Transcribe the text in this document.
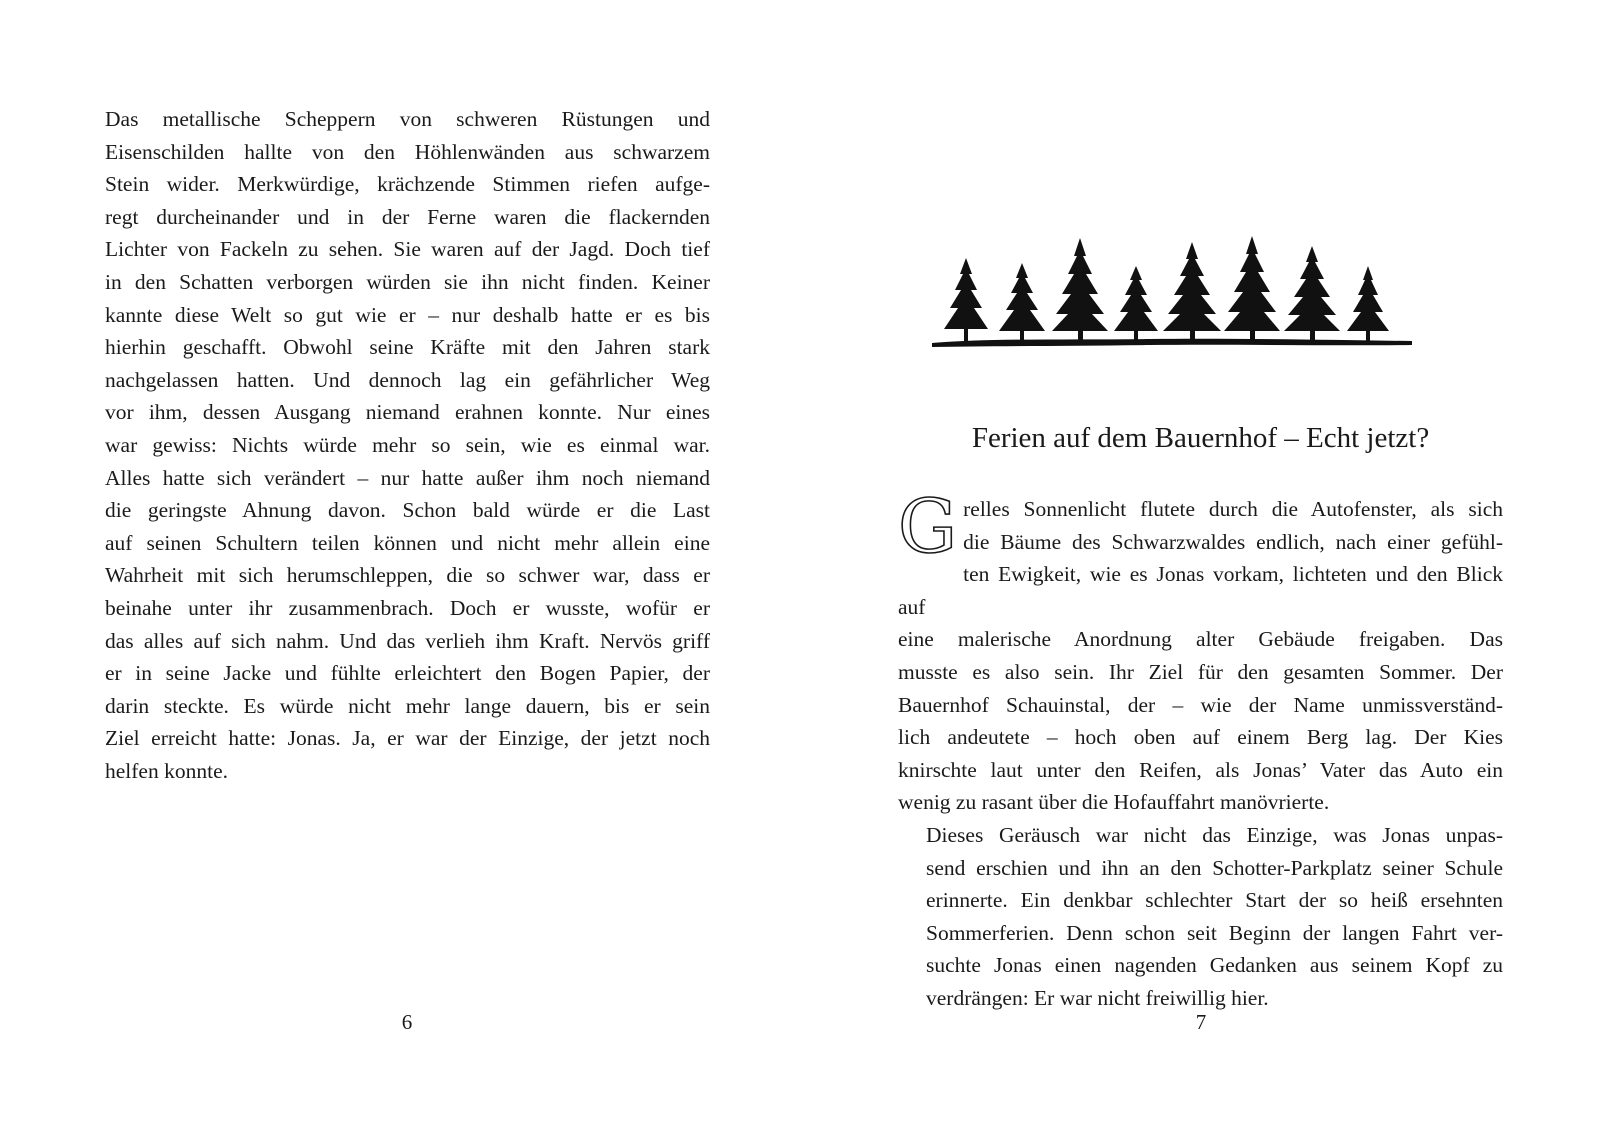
Das metallische Scheppern von schweren Rüstungen und
Eisenschilden hallte von den Höhlenwänden aus schwarzem
Stein wider. Merkwürdige, krächzende Stimmen riefen aufge-
regt durcheinander und in der Ferne waren die flackernden
Lichter von Fackeln zu sehen. Sie waren auf der Jagd. Doch tief
in den Schatten verborgen würden sie ihn nicht finden. Keiner
kannte diese Welt so gut wie er – nur deshalb hatte er es bis
hierhin geschafft. Obwohl seine Kräfte mit den Jahren stark
nachgelassen hatten. Und dennoch lag ein gefährlicher Weg
vor ihm, dessen Ausgang niemand erahnen konnte. Nur eines
war gewiss: Nichts würde mehr so sein, wie es einmal war.
Alles hatte sich verändert – nur hatte außer ihm noch niemand
die geringste Ahnung davon. Schon bald würde er die Last
auf seinen Schultern teilen können und nicht mehr allein eine
Wahrheit mit sich herumschleppen, die so schwer war, dass er
beinahe unter ihr zusammenbrach. Doch er wusste, wofür er
das alles auf sich nahm. Und das verlieh ihm Kraft. Nervös griff
er in seine Jacke und fühlte erleichtert den Bogen Papier, der
darin steckte. Es würde nicht mehr lange dauern, bis er sein
Ziel erreicht hatte: Jonas. Ja, er war der Einzige, der jetzt noch
helfen konnte.

6

Ferien auf dem Bauernhof – Echt jetzt?

G relles Sonnenlicht flutete durch die Autofenster, als sich
die Bäume des Schwarzwaldes endlich, nach einer gefühl-
ten Ewigkeit, wie es Jonas vorkam, lichteten und den Blick auf
eine malerische Anordnung alter Gebäude freigaben. Das
musste es also sein. Ihr Ziel für den gesamten Sommer. Der
Bauernhof Schauinstal, der – wie der Name unmissverständ-
lich andeutete – hoch oben auf einem Berg lag. Der Kies
knirschte laut unter den Reifen, als Jonas’ Vater das Auto ein
wenig zu rasant über die Hofauffahrt manövrierte.

Dieses Geräusch war nicht das Einzige, was Jonas unpas-
send erschien und ihn an den Schotter-Parkplatz seiner Schule
erinnerte. Ein denkbar schlechter Start der so heiß ersehnten
Sommerferien. Denn schon seit Beginn der langen Fahrt ver-
suchte Jonas einen nagenden Gedanken aus seinem Kopf zu
verdrängen: Er war nicht freiwillig hier.

7
